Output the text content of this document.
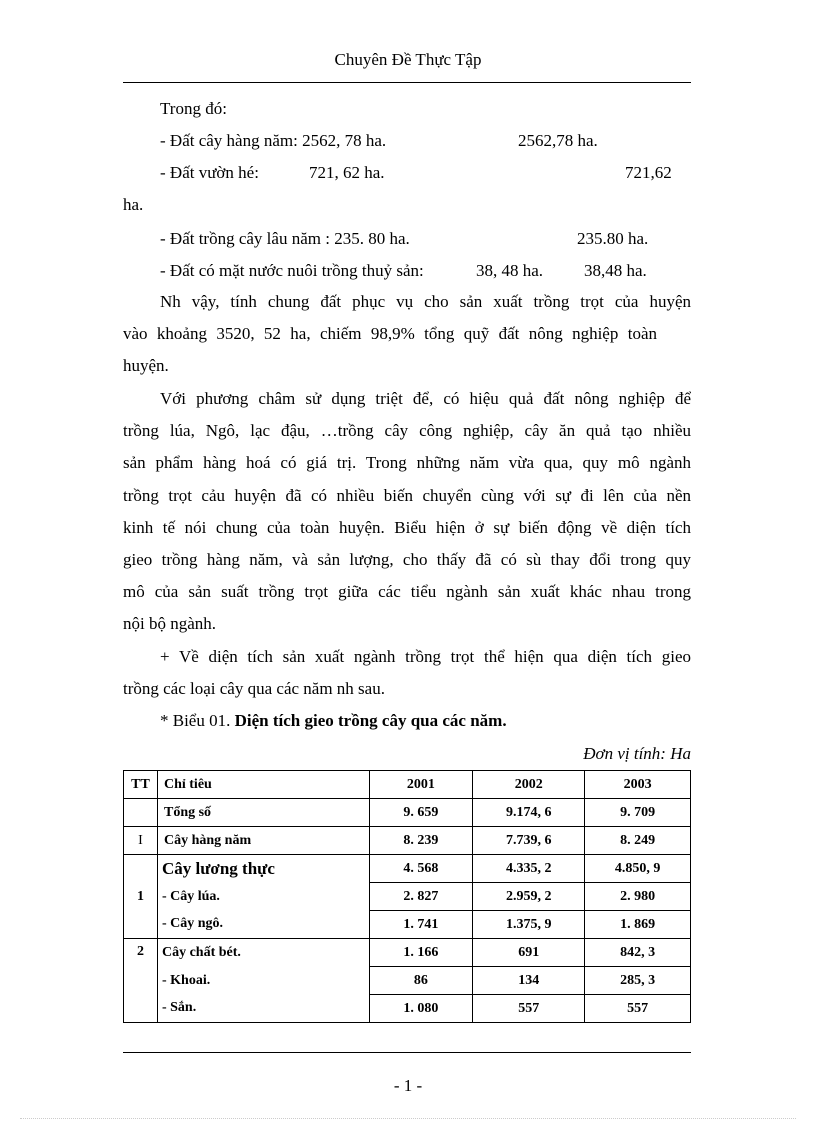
Chuyên Đề Thực Tập
Trong đó:
- Đất cây hàng năm: 2562, 78 ha.	2562,78 ha.
- Đất vườn hé:	721, 62 ha.	721,62
ha.
- Đất trồng cây lâu năm : 235. 80 ha.	235.80 ha.
- Đất có mặt nước nuôi trồng thuỷ sản:	38, 48 ha. 38,48 ha.
Nh vậy, tính chung đất phục vụ cho sản xuất trồng trọt của huyện
vào khoảng 3520, 52 ha, chiếm 98,9% tổng quỹ đất nông nghiệp toàn
huyện.
Với phương châm sử dụng triệt để, có hiệu quả đất nông nghiệp để
trồng lúa, Ngô, lạc đậu, …trồng cây công nghiệp, cây ăn quả tạo nhiều
sản phẩm hàng hoá có giá trị. Trong những năm vừa qua, quy mô ngành
trồng trọt cảu huyện đã có nhiều biến chuyển cùng với sự đi lên của nền
kinh tế nói chung của toàn huyện. Biểu hiện ở sự biến động về diện tích
gieo trồng hàng năm, và sản lượng, cho thấy đã có sù thay đổi trong quy
mô của sản suất trồng trọt giữa các tiểu ngành sản xuất khác nhau trong
nội bộ ngành.
+ Về diện tích sản xuất ngành trồng trọt thể hiện qua diện tích gieo
trồng các loại cây qua các năm nh sau.
* Biểu 01. Diện tích gieo trồng cây qua các năm.
Đơn vị tính: Ha
TT	Chỉ tiêu	2001	2002	2003
	Tổng số	9. 659	9.174, 6	9. 709
I	Cây hàng năm	8. 239	7.739, 6	8. 249
1	Cây lương thực	4. 568	4.335, 2	4.850, 9
	- Cây lúa.	2. 827	2.959, 2	2. 980
	- Cây ngô.	1. 741	1.375, 9	1. 869
2	Cây chất bét.	1. 166	691	842, 3
	- Khoai.	86	134	285, 3
	- Sắn.	1. 080	557	557
- 1 -
